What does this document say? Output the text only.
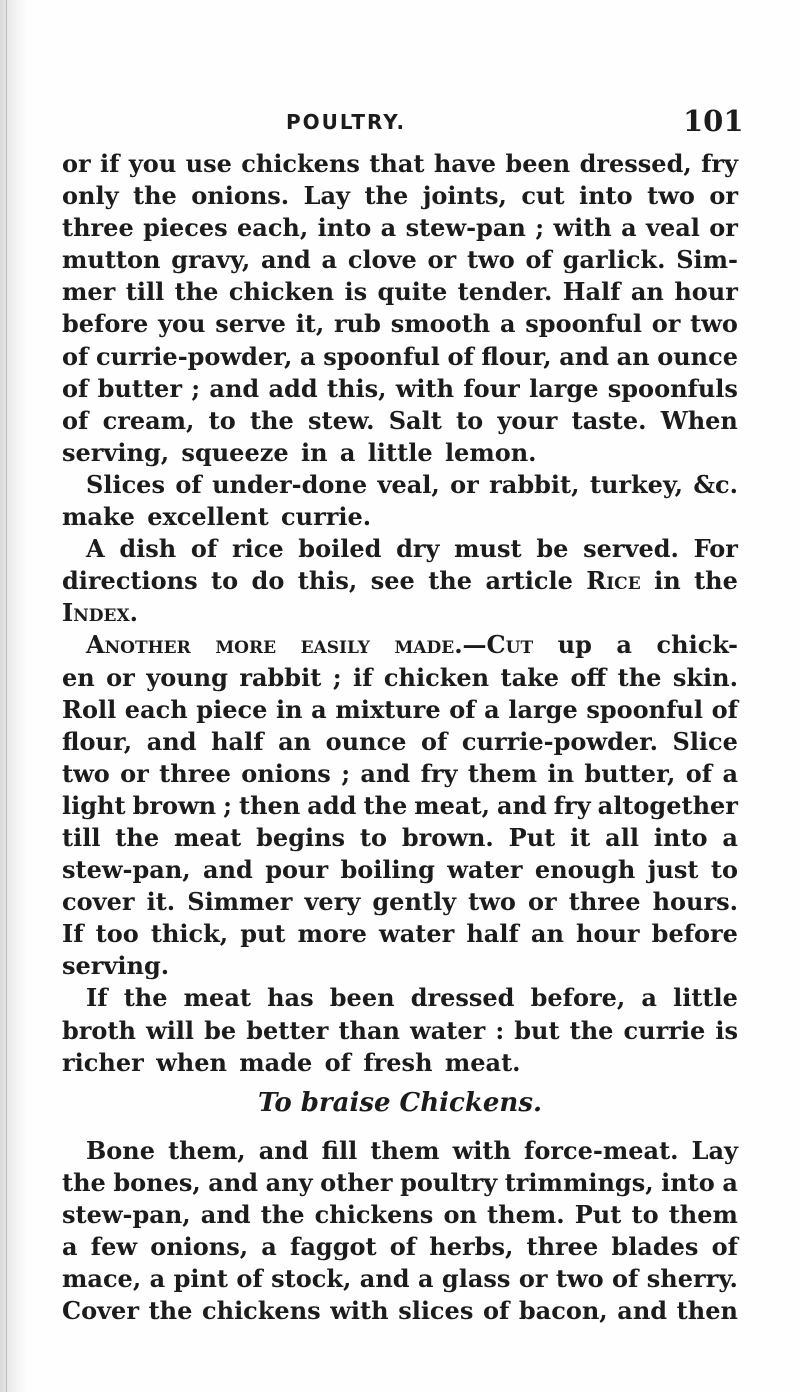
POULTRY.	101
or if you use chickens that have been dressed, fry
only the onions. Lay the joints, cut into two or
three pieces each, into a stew-pan ; with a veal or
mutton gravy, and a clove or two of garlick. Sim-
mer till the chicken is quite tender. Half an hour
before you serve it, rub smooth a spoonful or two
of currie-powder, a spoonful of flour, and an ounce
of butter ; and add this, with four large spoonfuls
of cream, to the stew. Salt to your taste. When
serving, squeeze in a little lemon.
Slices of under-done veal, or rabbit, turkey, &c.
make excellent currie.
A dish of rice boiled dry must be served. For
directions to do this, see the article Rice in the
Index.
Another more easily made.—Cut up a chick-
en or young rabbit ; if chicken take off the skin.
Roll each piece in a mixture of a large spoonful of
flour, and half an ounce of currie-powder. Slice
two or three onions ; and fry them in butter, of a
light brown ; then add the meat, and fry altogether
till the meat begins to brown. Put it all into a
stew-pan, and pour boiling water enough just to
cover it. Simmer very gently two or three hours.
If too thick, put more water half an hour before
serving.
If the meat has been dressed before, a little
broth will be better than water : but the currie is
richer when made of fresh meat.
To braise Chickens.
Bone them, and fill them with force-meat. Lay
the bones, and any other poultry trimmings, into a
stew-pan, and the chickens on them. Put to them
a few onions, a faggot of herbs, three blades of
mace, a pint of stock, and a glass or two of sherry.
Cover the chickens with slices of bacon, and then
